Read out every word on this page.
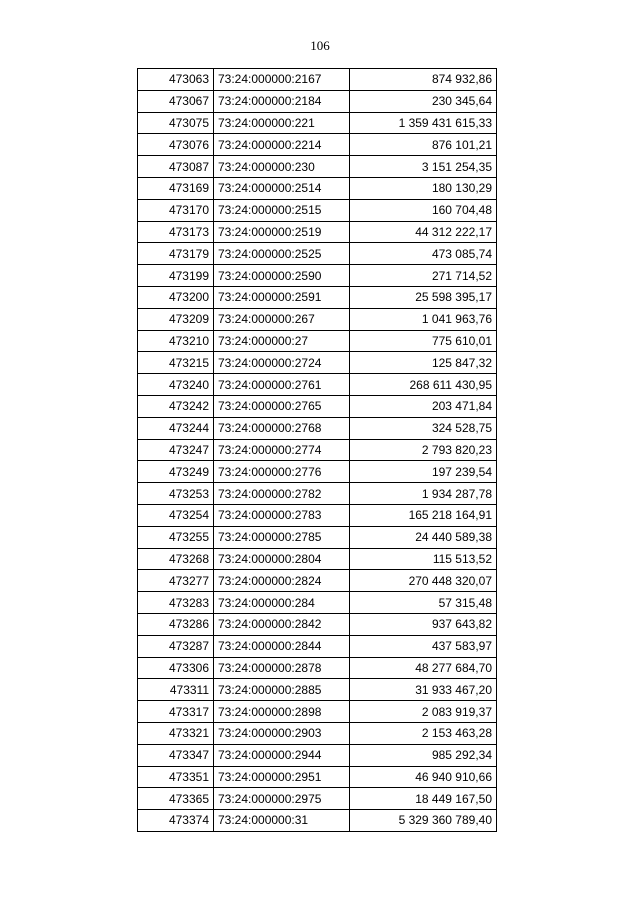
106
473063	73:24:000000:2167	874 932,86
473067	73:24:000000:2184	230 345,64
473075	73:24:000000:221	1 359 431 615,33
473076	73:24:000000:2214	876 101,21
473087	73:24:000000:230	3 151 254,35
473169	73:24:000000:2514	180 130,29
473170	73:24:000000:2515	160 704,48
473173	73:24:000000:2519	44 312 222,17
473179	73:24:000000:2525	473 085,74
473199	73:24:000000:2590	271 714,52
473200	73:24:000000:2591	25 598 395,17
473209	73:24:000000:267	1 041 963,76
473210	73:24:000000:27	775 610,01
473215	73:24:000000:2724	125 847,32
473240	73:24:000000:2761	268 611 430,95
473242	73:24:000000:2765	203 471,84
473244	73:24:000000:2768	324 528,75
473247	73:24:000000:2774	2 793 820,23
473249	73:24:000000:2776	197 239,54
473253	73:24:000000:2782	1 934 287,78
473254	73:24:000000:2783	165 218 164,91
473255	73:24:000000:2785	24 440 589,38
473268	73:24:000000:2804	115 513,52
473277	73:24:000000:2824	270 448 320,07
473283	73:24:000000:284	57 315,48
473286	73:24:000000:2842	937 643,82
473287	73:24:000000:2844	437 583,97
473306	73:24:000000:2878	48 277 684,70
473311	73:24:000000:2885	31 933 467,20
473317	73:24:000000:2898	2 083 919,37
473321	73:24:000000:2903	2 153 463,28
473347	73:24:000000:2944	985 292,34
473351	73:24:000000:2951	46 940 910,66
473365	73:24:000000:2975	18 449 167,50
473374	73:24:000000:31	5 329 360 789,40
